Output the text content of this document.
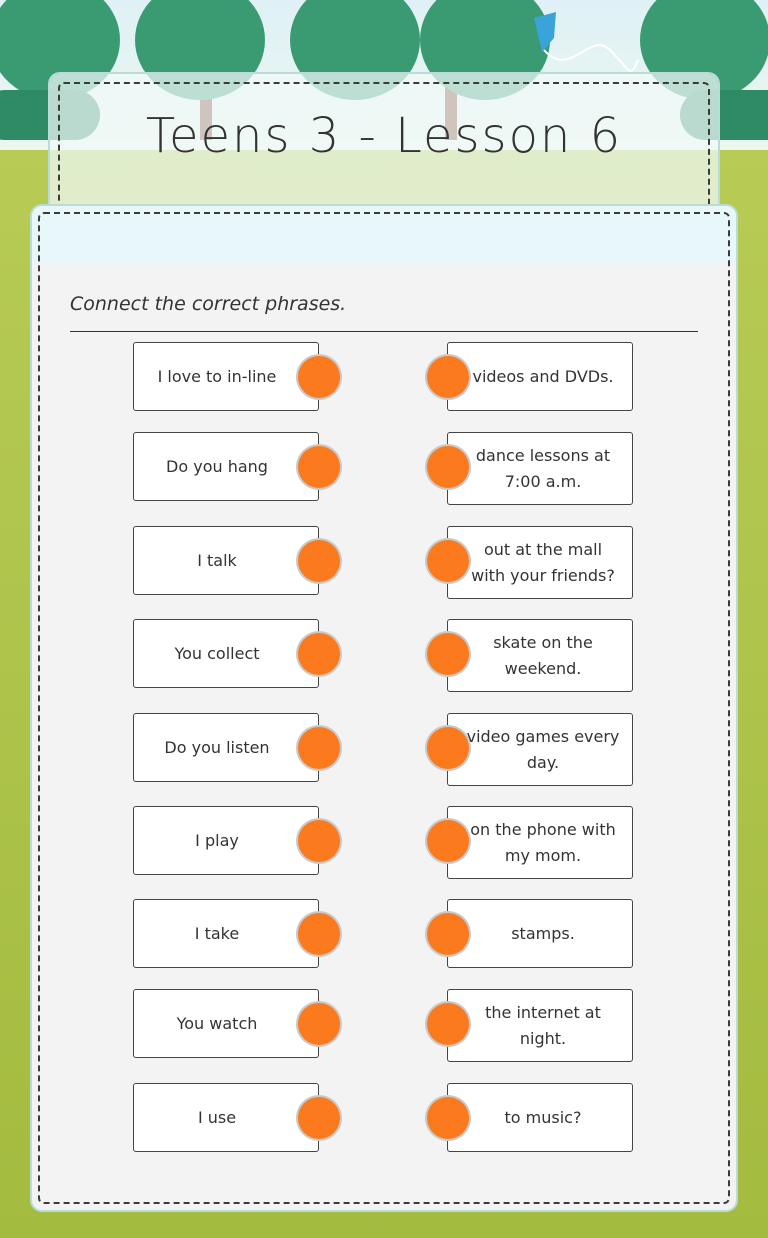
Teens 3 - Lesson 6
Connect the correct phrases.
I love to in-line
Do you hang
I talk
You collect
Do you listen
I play
I take
You watch
I use
videos and DVDs.
dance lessons at 7:00 a.m.
out at the mall with your friends?
skate on the weekend.
video games every day.
on the phone with my mom.
stamps.
the internet at night.
to music?
